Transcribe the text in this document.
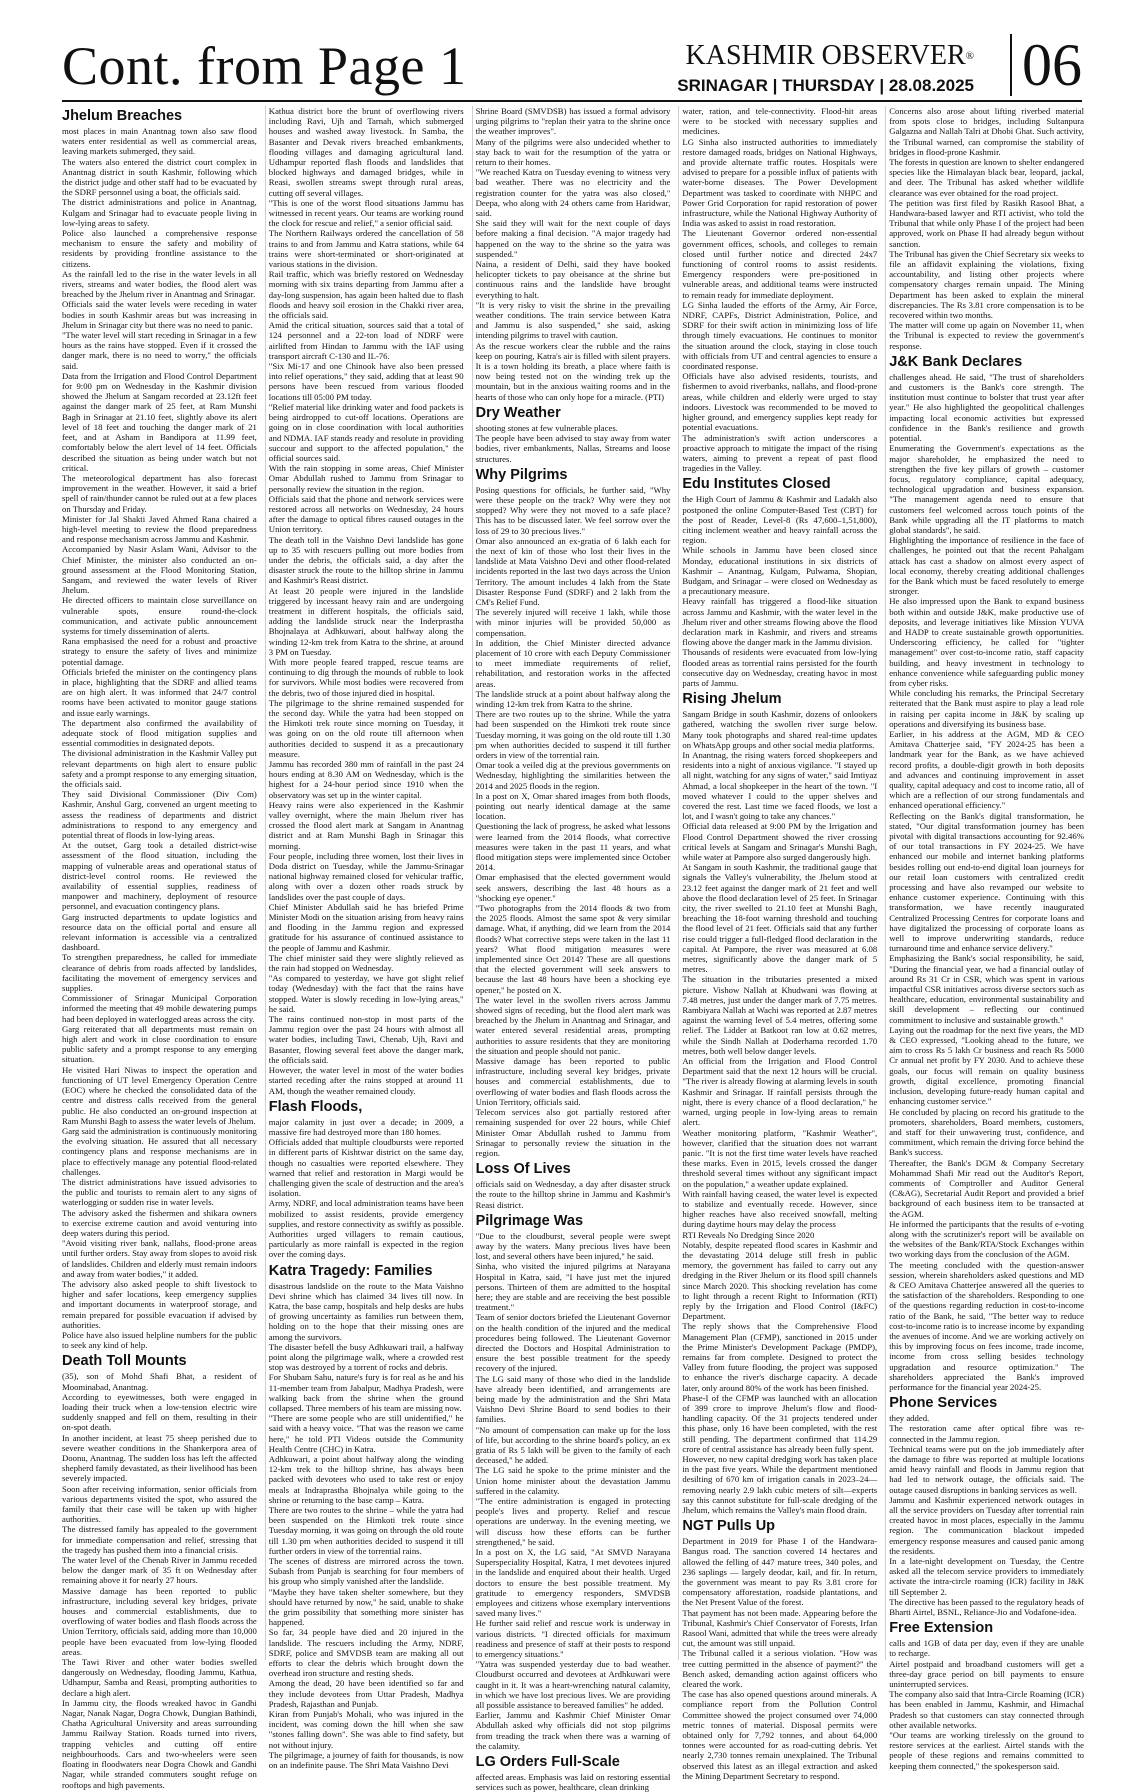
Cont. from Page 1	KASHMIR OBSERVER®
SRINAGAR | THURSDAY | 28.08.2025 06
Jhelum Breaches
most places in main Anantnag town also saw flood waters enter residential as well as commercial areas, leaving markets submerged, they said.
The waters also entered the district court complex in Anantnag district in south Kashmir, following which the district judge and other staff had to be evacuated by the SDRF personnel using a boat, the officials said.
The district administrations and police in Anantnag, Kulgam and Srinagar had to evacuate people living in low-lying areas to safety.
Police also launched a comprehensive response mechanism to ensure the safety and mobility of residents by providing frontline assistance to the citizens.
As the rainfall led to the rise in the water levels in all rivers, streams and water bodies, the flood alert was breached by the Jhelum river in Anantnag and Srinagar.
Officials said the water levels were receding in water bodies in south Kashmir areas but was increasing in Jhelum in Srinagar city but there was no need to panic.
"The water level will start receding in Srinagar in a few hours as the rains have stopped. Even if it crossed the danger mark, there is no need to worry," the officials said.
Data from the Irrigation and Flood Control Department for 9:00 pm on Wednesday in the Kashmir division showed the Jhelum at Sangam recorded at 23.12ft feet against the danger mark of 25 feet, at Ram Munshi Bagh in Srinagar at 21.10 feet, slightly above its alert level of 18 feet and touching the danger mark of 21 feet, and at Asham in Bandipora at 11.99 feet, comfortably below the alert level of 14 feet. Officials described the situation as being under watch but not critical.
The meteorological department has also forecast improvement in the weather. However, it said a brief spell of rain/thunder cannot be ruled out at a few places on Thursday and Friday.
Minister for Jal Shakti Javed Ahmed Rana chaired a high-level meeting to review the flood preparedness and response mechanism across Jammu and Kashmir.
Accompanied by Nasir Aslam Wani, Advisor to the Chief Minister, the minister also conducted an on-ground assessment at the Flood Monitoring Station, Sangam, and reviewed the water levels of River Jhelum.
He directed officers to maintain close surveillance on vulnerable spots, ensure round-the-clock communication, and activate public announcement systems for timely dissemination of alerts.
Rana emphasised the need for a robust and proactive strategy to ensure the safety of lives and minimize potential damage.
Officials briefed the minister on the contingency plans in place, highlighting that the SDRF and allied teams are on high alert. It was informed that 24/7 control rooms have been activated to monitor gauge stations and issue early warnings.
The department also confirmed the availability of adequate stock of flood mitigation supplies and essential commodities in designated depots.
The divisional administration in the Kashmir Valley put relevant departments on high alert to ensure public safety and a prompt response to any emerging situation, the officials said.
They said Divisional Commissioner (Div Com) Kashmir, Anshul Garg, convened an urgent meeting to assess the readiness of departments and district administrations to respond to any emergency and potential threat of floods in low-lying areas.
At the outset, Garg took a detailed district-wise assessment of the flood situation, including the mapping of vulnerable areas and operational status of district-level control rooms. He reviewed the availability of essential supplies, readiness of manpower and machinery, deployment of resource personnel, and evacuation contingency plans.
Garg instructed departments to update logistics and resource data on the official portal and ensure all relevant information is accessible via a centralized dashboard.
To strengthen preparedness, he called for immediate clearance of debris from roads affected by landslides, facilitating the movement of emergency services and supplies.
Commissioner of Srinagar Municipal Corporation informed the meeting that 49 mobile dewatering pumps had been deployed in waterlogged areas across the city.
Garg reiterated that all departments must remain on high alert and work in close coordination to ensure public safety and a prompt response to any emerging situation.
He visited Hari Niwas to inspect the operation and functioning of UT level Emergency Operation Centre (EOC) where he checked the consolidated data of the centre and distress calls received from the general public. He also conducted an on-ground inspection at Ram Munshi Bagh to assess the water levels of Jhelum.
Garg said the administration is continuously monitoring the evolving situation. He assured that all necessary contingency plans and response mechanisms are in place to effectively manage any potential flood-related challenges.
The district administrations have issued advisories to the public and tourists to remain alert to any signs of waterlogging or sudden rise in water levels.
The advisory asked the fishermen and shikara owners to exercise extreme caution and avoid venturing into deep waters during this period.
"Avoid visiting river bank, nallahs, flood-prone areas until further orders. Stay away from slopes to avoid risk of landslides. Children and elderly must remain indoors and away from water bodies," it added.
The advisory also asked people to shift livestock to higher and safer locations, keep emergency supplies and important documents in waterproof storage, and remain prepared for possible evacuation if advised by authorities.
Police have also issued helpline numbers for the public to seek any kind of help.
Death Toll Mounts
(35), son of Mohd Shafi Bhat, a resident of Moominabad, Anantnag.
According to eyewitnesses, both were engaged in loading their truck when a low-tension electric wire suddenly snapped and fell on them, resulting in their on-spot death.
In another incident, at least 75 sheep perished due to severe weather conditions in the Shankerpora area of Doonu, Anantnag. The sudden loss has left the affected shepherd family devastated, as their livelihood has been severely impacted.
Soon after receiving information, senior officials from various departments visited the spot, who assured the family that their case will be taken up with higher authorities.
The distressed family has appealed to the government for immediate compensation and relief, stressing that the tragedy has pushed them into a financial crisis.
The water level of the Chenab River in Jammu receded below the danger mark of 35 ft on Wednesday after remaining above it for nearly 27 hours.
Massive damage has been reported to public infrastructure, including several key bridges, private houses and commercial establishments, due to overflowing of water bodies and flash floods across the Union Territory, officials said, adding more than 10,000 people have been evacuated from low-lying flooded areas.
The Tawi River and other water bodies swelled dangerously on Wednesday, flooding Jammu, Kathua, Udhampur, Samba and Reasi, prompting authorities to declare a high alert.
In Jammu city, the floods wreaked havoc in Gandhi Nagar, Nanak Nagar, Dogra Chowk, Dungian Bathindi, Chatha Agricultural University and areas surrounding Jammu Railway Station. Roads turned into rivers, trapping vehicles and cutting off entire neighbourhoods. Cars and two-wheelers were seen floating in floodwaters near Dogra Chowk and Gandhi Nagar, while stranded commuters sought refuge on rooftops and high pavements.
Kathua district bore the brunt of overflowing rivers including Ravi, Ujh and Tarnah, which submerged houses and washed away livestock. In Samba, the Basanter and Devak rivers breached embankments, flooding villages and damaging agricultural land. Udhampur reported flash floods and landslides that blocked highways and damaged bridges, while in Reasi, swollen streams swept through rural areas, cutting off several villages.
"This is one of the worst flood situations Jammu has witnessed in recent years. Our teams are working round the clock for rescue and relief," a senior official said.
The Northern Railways ordered the cancellation of 58 trains to and from Jammu and Katra stations, while 64 trains were short-terminated or short-originated at various stations in the division.
Rail traffic, which was briefly restored on Wednesday morning with six trains departing from Jammu after a day-long suspension, has again been halted due to flash floods and heavy soil erosion in the Chakki river area, the officials said.
Amid the critical situation, sources said that a total of 124 personnel and a 22-ton load of NDRF were airlifted from Hindan to Jammu with the IAF using transport aircraft C-130 and IL-76.
"Six Mi-17 and one Chinook have also been pressed into relief operations," they said, adding that at least 90 persons have been rescued from various flooded locations till 05:00 PM today.
"Relief material like drinking water and food packets is being airdropped to cut-off locations. Operations are going on in close coordination with local authorities and NDMA. IAF stands ready and resolute in providing succour and support to the affected population," the official sources said.
With the rain stopping in some areas, Chief Minister Omar Abdullah rushed to Jammu from Srinagar to personally review the situation in the region.
Officials said that the phone and network services were restored across all networks on Wednesday, 24 hours after the damage to optical fibres caused outages in the Union territory.
The death toll in the Vaishno Devi landslide has gone up to 35 with rescuers pulling out more bodies from under the debris, the officials said, a day after the disaster struck the route to the hilltop shrine in Jammu and Kashmir's Reasi district.
At least 20 people were injured in the landslide triggered by incessant heavy rain and are undergoing treatment in different hospitals, the officials said, adding the landslide struck near the Inderprastha Bhojnalaya at Adhkuwari, about halfway along the winding 12-km trek from Katra to the shrine, at around 3 PM on Tuesday.
With more people feared trapped, rescue teams are continuing to dig through the mounds of rubble to look for survivors. While most bodies were recovered from the debris, two of those injured died in hospital.
The pilgrimage to the shrine remained suspended for the second day. While the yatra had been stopped on the Himkoti trek route since morning on Tuesday, it was going on on the old route till afternoon when authorities decided to suspend it as a precautionary measure.
Jammu has recorded 380 mm of rainfall in the past 24 hours ending at 8.30 AM on Wednesday, which is the highest for a 24-hour period since 1910 when the observatory was set up in the winter capital.
Heavy rains were also experienced in the Kashmir valley overnight, where the main Jhelum river has crossed the flood alert mark at Sangam in Anantnag district and at Ram Munshi Bagh in Srinagar this morning.
Four people, including three women, lost their lives in Doda district on Tuesday, while the Jammu-Srinagar national highway remained closed for vehicular traffic, along with over a dozen other roads struck by landslides over the past couple of days.
Chief Minister Abdullah said he has briefed Prime Minister Modi on the situation arising from heavy rains and flooding in the Jammu region and expressed gratitude for his assurance of continued assistance to the people of Jammu and Kashmir.
The chief minister said they were slightly relieved as the rain had stopped on Wednesday.
"As compared to yesterday, we have got slight relief today (Wednesday) with the fact that the rains have stopped. Water is slowly receding in low-lying areas," he said.
The rains continued non-stop in most parts of the Jammu region over the past 24 hours with almost all water bodies, including Tawi, Chenab, Ujh, Ravi and Basanter, flowing several feet above the danger mark, the officials said.
However, the water level in most of the water bodies started receding after the rains stopped at around 11 AM, though the weather remained cloudy.
Flash Floods,
major calamity in just over a decade; in 2009, a massive fire had destroyed more than 180 homes.
Officials added that multiple cloudbursts were reported in different parts of Kishtwar district on the same day, though no casualties were reported elsewhere. They warned that relief and restoration in Margi would be challenging given the scale of destruction and the area's isolation.
Army, NDRF, and local administration teams have been mobilized to assist residents, provide emergency supplies, and restore connectivity as swiftly as possible. Authorities urged villagers to remain cautious, particularly as more rainfall is expected in the region over the coming days.
Katra Tragedy: Families
disastrous landslide on the route to the Mata Vaishno Devi shrine which has claimed 34 lives till now. In Katra, the base camp, hospitals and help desks are hubs of growing uncertainty as families run between them, holding on to the hope that their missing ones are among the survivors.
The disaster befell the busy Adhkuwari trail, a halfway point along the pilgrimage walk, where a crowded rest stop was destroyed by a torrent of rocks and debris.
For Shubam Sahu, nature's fury is for real as he and his 11-member team from Jabalpur, Madhya Pradesh, were walking back from the shrine when the ground collapsed. Three members of his team are missing now.
"There are some people who are still unidentified," he said with a heavy voice. "That was the reason we came here," he told PTI Videos outside the Community Health Centre (CHC) in Katra.
Adhkuwari, a point about halfway along the winding 12-km trek to the hilltop shrine, has always been packed with devotees who used to take rest or enjoy meals at Indraprastha Bhojnalya while going to the shrine or returning to the base camp – Katra.
There are two routes to the shrine – while the yatra had been suspended on the Himkoti trek route since Tuesday morning, it was going on through the old route till 1.30 pm when authorities decided to suspend it till further orders in view of the torrential rains.
The scenes of distress are mirrored across the town. Subash from Punjab is searching for four members of his group who simply vanished after the landslide.
"Maybe they have taken shelter somewhere, but they should have returned by now," he said, unable to shake the grim possibility that something more sinister has happened.
So far, 34 people have died and 20 injured in the landslide. The rescuers including the Army, NDRF, SDRF, police and SMVDSB team are making all out efforts to clear the debris which brought down the overhead iron structure and resting sheds.
Among the dead, 20 have been identified so far and they include devotees from Uttar Pradesh, Madhya Pradesh, Rajasthan and Punjab.
Kiran from Punjab's Mohali, who was injured in the incident, was coming down the hill when she saw "stones falling down". She was able to find safety, but not without injury.
The pilgrimage, a journey of faith for thousands, is now on an indefinite pause. The Shri Mata Vaishno Devi
Shrine Board (SMVDSB) has issued a formal advisory urging pilgrims to "replan their yatra to the shrine once the weather improves".
Many of the pilgrims were also undecided whether to stay back to wait for the resumption of the yatra or return to their homes.
"We reached Katra on Tuesday evening to witness very bad weather. There was no electricity and the registration counter for the yatra was also closed," Deepa, who along with 24 others came from Haridwar, said.
She said they will wait for the next couple of days before making a final decision. "A major tragedy had happened on the way to the shrine so the yatra was suspended."
Naina, a resident of Delhi, said they have booked helicopter tickets to pay obeisance at the shrine but continuous rains and the landslide have brought everything to halt.
"It is very risky to visit the shrine in the prevailing weather conditions. The train service between Katra and Jammu is also suspended," she said, asking intending pilgrims to travel with caution.
As the rescue workers clear the rubble and the rains keep on pouring, Katra's air is filled with silent prayers. It is a town holding its breath, a place where faith is now being tested not on the winding trek up the mountain, but in the anxious waiting rooms and in the hearts of those who can only hope for a miracle. (PTI)
Dry Weather
shooting stones at few vulnerable places.
The people have been advised to stay away from water bodies, river embankments, Nallas, Streams and loose structures.
Why Pilgrims
Posing questions for officials, he further said, "Why were these people on the track? Why were they not stopped? Why were they not moved to a safe place? This has to be discussed later. We feel sorrow over the loss of 29 to 30 precious lives."
Omar also announced an ex-gratia of 6 lakh each for the next of kin of those who lost their lives in the landslide at Mata Vaishno Devi and other flood-related incidents reported in the last two days across the Union Territory. The amount includes 4 lakh from the State Disaster Response Fund (SDRF) and 2 lakh from the CM's Relief Fund.
The severely injured will receive 1 lakh, while those with minor injuries will be provided 50,000 as compensation.
In addition, the Chief Minister directed advance placement of 10 crore with each Deputy Commissioner to meet immediate requirements of relief, rehabilitation, and restoration works in the affected areas.
The landslide struck at a point about halfway along the winding 12-km trek from Katra to the shrine.
There are two routes up to the shrine. While the yatra had been suspended on the Himkoti trek route since Tuesday morning, it was going on the old route till 1.30 pm when authorities decided to suspend it till further orders in view of the torrential rain.
Omar took a veiled dig at the previous governments on Wednesday, highlighting the similarities between the 2014 and 2025 floods in the region.
In a post on X, Omar shared images from both floods, pointing out nearly identical damage at the same location.
Questioning the lack of progress, he asked what lessons were learned from the 2014 floods, what corrective measures were taken in the past 11 years, and what flood mitigation steps were implemented since October 2014.
Omar emphasised that the elected government would seek answers, describing the last 48 hours as a "shocking eye opener."
"Two photographs from the 2014 floods & two from the 2025 floods. Almost the same spot & very similar damage. What, if anything, did we learn from the 2014 floods? What corrective steps were taken in the last 11 years? What flood mitigation measures were implemented since Oct 2014? These are all questions that the elected government will seek answers to because the last 48 hours have been a shocking eye opener," he posted on X.
The water level in the swollen rivers across Jammu showed signs of receding, but the flood alert mark was breached by the Jhelum in Anantnag and Srinagar, and water entered several residential areas, prompting authorities to assure residents that they are monitoring the situation and people should not panic.
Massive damage has been reported to public infrastructure, including several key bridges, private houses and commercial establishments, due to overflowing of water bodies and flash floods across the Union Territory, officials said.
Telecom services also got partially restored after remaining suspended for over 22 hours, while Chief Minister Omar Abdullah rushed to Jammu from Srinagar to personally review the situation in the region.
Loss Of Lives
officials said on Wednesday, a day after disaster struck the route to the hilltop shrine in Jammu and Kashmir's Reasi district.
Pilgrimage Was
"Due to the cloudburst, several people were swept away by the waters. Many precious lives have been lost, and several others have been injured," he said.
Sinha, who visited the injured pilgrims at Narayana Hospital in Katra, said, "I have just met the injured persons. Thirteen of them are admitted to the hospital here; they are stable and are receiving the best possible treatment."
Team of senior doctors briefed the Lieutenant Governor on the health condition of the injured and the medical procedures being followed. The Lieutenant Governor directed the Doctors and Hospital Administration to ensure the best possible treatment for the speedy recovery of the injured.
The LG said many of those who died in the landslide have already been identified, and arrangements are being made by the administration and the Shri Mata Vaishno Devi Shrine Board to send bodies to their families.
"No amount of compensation can make up for the loss of life, but according to the shrine board's policy, an ex gratia of Rs 5 lakh will be given to the family of each deceased," he added.
The LG said he spoke to the prime minister and the Union home minister about the devastation Jammu suffered in the calamity.
"The entire administration is engaged in protecting people's lives and property. Relief and rescue operations are underway. In the evening meeting, we will discuss how these efforts can be further strengthened," he said.
In a post on X, the LG said, "At SMVD Narayana Superspeciality Hospital, Katra, I met devotees injured in the landslide and enquired about their health. Urged doctors to ensure the best possible treatment. My gratitude to emergency responders, SMVDSB employees and citizens whose exemplary interventions saved many lives."
He further said relief and rescue work is underway in various districts. "I directed officials for maximum readiness and presence of staff at their posts to respond to emergency situations."
"Yatra was suspended yesterday due to bad weather. Cloudburst occurred and devotees at Ardhkuwari were caught in it. It was a heart-wrenching natural calamity, in which we have lost precious lives. We are providing all possible assistance to bereaved families" he added.
Earlier, Jammu and Kashmir Chief Minister Omar Abdullah asked why officials did not stop pilgrims from treading the track when there was a warning of the calamity.
LG Orders Full-Scale
affected areas. Emphasis was laid on restoring essential services such as power, healthcare, clean drinking
water, ration, and tele-connectivity. Flood-hit areas were to be stocked with necessary supplies and medicines.
LG Sinha also instructed authorities to immediately restore damaged roads, bridges on National Highways, and provide alternate traffic routes. Hospitals were advised to prepare for a possible influx of patients with water-borne diseases. The Power Development Department was tasked to coordinate with NHPC and Power Grid Corporation for rapid restoration of power infrastructure, while the National Highway Authority of India was asked to assist in road restoration.
The Lieutenant Governor ordered non-essential government offices, schools, and colleges to remain closed until further notice and directed 24x7 functioning of control rooms to assist residents. Emergency responders were pre-positioned in vulnerable areas, and additional teams were instructed to remain ready for immediate deployment.
LG Sinha lauded the efforts of the Army, Air Force, NDRF, CAPFs, District Administration, Police, and SDRF for their swift action in minimizing loss of life through timely evacuations. He continues to monitor the situation around the clock, staying in close touch with officials from UT and central agencies to ensure a coordinated response.
Officials have also advised residents, tourists, and fishermen to avoid riverbanks, nallahs, and flood-prone areas, while children and elderly were urged to stay indoors. Livestock was recommended to be moved to higher ground, and emergency supplies kept ready for potential evacuations.
The administration's swift action underscores a proactive approach to mitigate the impact of the rising waters, aiming to prevent a repeat of past flood tragedies in the Valley.
Edu Institutes Closed
the High Court of Jammu & Kashmir and Ladakh also postponed the online Computer-Based Test (CBT) for the post of Reader, Level-8 (Rs 47,600–1,51,800), citing inclement weather and heavy rainfall across the region.
While schools in Jammu have been closed since Monday, educational institutions in six districts of Kashmir – Anantnag, Kulgam, Pulwama, Shopian, Budgam, and Srinagar – were closed on Wednesday as a precautionary measure.
Heavy rainfall has triggered a flood-like situation across Jammu and Kashmir, with the water level in the Jhelum river and other streams flowing above the flood declaration mark in Kashmir, and rivers and streams flowing above the danger mark in the Jammu division.
Thousands of residents were evacuated from low-lying flooded areas as torrential rains persisted for the fourth consecutive day on Wednesday, creating havoc in most parts of Jammu.
Rising Jhelum
Sangam Bridge in south Kashmir, dozens of onlookers gathered, watching the swollen river surge below. Many took photographs and shared real-time updates on WhatsApp groups and other social media platforms.
In Anantnag, the rising waters forced shopkeepers and residents into a night of anxious vigilance. "I stayed up all night, watching for any signs of water," said Imtiyaz Ahmad, a local shopkeeper in the heart of the town. "I moved whatever I could to the upper shelves and covered the rest. Last time we faced floods, we lost a lot, and I wasn't going to take any chances."
Official data released at 9:00 PM by the Irrigation and Flood Control Department showed the river crossing critical levels at Sangam and Srinagar's Munshi Bagh, while water at Pampore also surged dangerously high.
At Sangam in south Kashmir, the traditional gauge that signals the Valley's vulnerability, the Jhelum stood at 23.12 feet against the danger mark of 21 feet and well above the flood declaration level of 25 feet. In Srinagar city, the river swelled to 21.10 feet at Munshi Bagh, breaching the 18-foot warning threshold and touching the flood level of 21 feet. Officials said that any further rise could trigger a full-fledged flood declaration in the capital. At Pampore, the river was measured at 6.08 metres, significantly above the danger mark of 5 metres.
The situation in the tributaries presented a mixed picture. Vishow Nallah at Khudwani was flowing at 7.48 metres, just under the danger mark of 7.75 metres. Rambiyara Nallah at Wachi was reported at 2.87 metres against the warning level of 5.4 metres, offering some relief. The Lidder at Batkoot ran low at 0.62 metres, while the Sindh Nallah at Doderhama recorded 1.70 metres, both well below danger levels.
An official from the Irrigation and Flood Control Department said that the next 12 hours will be crucial. "The river is already flowing at alarming levels in south Kashmir and Srinagar. If rainfall persists through the night, there is every chance of a flood declaration," he warned, urging people in low-lying areas to remain alert.
Weather monitoring platform, "Kashmir Weather", however, clarified that the situation does not warrant panic. "It is not the first time water levels have reached these marks. Even in 2015, levels crossed the danger threshold several times without any significant impact on the population," a weather update explained.
With rainfall having ceased, the water level is expected to stabilize and eventually recede. However, since higher reaches have also received snowfall, melting during daytime hours may delay the process
RTI Reveals No Dredging Since 2020
Notably, despite repeated flood scares in Kashmir and the devastating 2014 deluge still fresh in public memory, the government has failed to carry out any dredging in the River Jhelum or its flood spill channels since March 2020. This shocking revelation has come to light through a recent Right to Information (RTI) reply by the Irrigation and Flood Control (I&FC) Department.
The reply shows that the Comprehensive Flood Management Plan (CFMP), sanctioned in 2015 under the Prime Minister's Development Package (PMDP), remains far from complete. Designed to protect the Valley from future flooding, the project was supposed to enhance the river's discharge capacity. A decade later, only around 80% of the work has been finished.
Phase-I of the CFMP was launched with an allocation of 399 crore to improve Jhelum's flow and flood-handling capacity. Of the 31 projects tendered under this phase, only 16 have been completed, with the rest still pending. The department confirmed that 114.29 crore of central assistance has already been fully spent.
However, no new capital dredging work has taken place in the past five years. While the department mentioned desilting of 670 km of irrigation canals in 2023–24—removing nearly 2.9 lakh cubic meters of silt—experts say this cannot substitute for full-scale dredging of the Jhelum, which remains the Valley's main flood drain.
NGT Pulls Up
Department in 2019 for Phase I of the Handwara-Bangus road. The sanction covered 14 hectares and allowed the felling of 447 mature trees, 340 poles, and 236 saplings — largely deodar, kail, and fir. In return, the government was meant to pay Rs 3.81 crore for compensatory afforestation, roadside plantations, and the Net Present Value of the forest.
That payment has not been made. Appearing before the Tribunal, Kashmir's Chief Conservator of Forests, Irfan Rasool Wani, admitted that while the trees were already cut, the amount was still unpaid.
The Tribunal called it a serious violation. "How was tree cutting permitted in the absence of payment?" the Bench asked, demanding action against officers who cleared the work.
The case has also opened questions around minerals. A compliance report from the Pollution Control Committee showed the project consumed over 74,000 metric tonnes of material. Disposal permits were obtained only for 7,792 tonnes, and about 64,000 tonnes were accounted for as road-cutting debris. Yet nearly 2,730 tonnes remain unexplained. The Tribunal observed this latest as an illegal extraction and asked the Mining Department Secretary to respond.
Concerns also arose about lifting riverbed material from spots close to bridges, including Sultanpura Galgazna and Nallah Talri at Dhobi Ghat. Such activity, the Tribunal warned, can compromise the stability of bridges in flood-prone Kashmir.
The forests in question are known to shelter endangered species like the Himalayan black bear, leopard, jackal, and deer. The Tribunal has asked whether wildlife clearance was ever obtained for the road project.
The petition was first filed by Rasikh Rasool Bhat, a Handwara-based lawyer and RTI activist, who told the Tribunal that while only Phase I of the project had been approved, work on Phase II had already begun without sanction.
The Tribunal has given the Chief Secretary six weeks to file an affidavit explaining the violations, fixing accountability, and listing other projects where compensatory charges remain unpaid. The Mining Department has been asked to explain the mineral discrepancies. The Rs 3.81 crore compensation is to be recovered within two months.
The matter will come up again on November 11, when the Tribunal is expected to review the government's response.
J&K Bank Declares
challenges ahead. He said, "The trust of shareholders and customers is the Bank's core strength. The institution must continue to bolster that trust year after year." He also highlighted the geopolitical challenges impacting local economic activities but expressed confidence in the Bank's resilience and growth potential.
Enumerating the Government's expectations as the major shareholder, he emphasized the need to strengthen the five key pillars of growth – customer focus, regulatory compliance, capital adequacy, technological upgradation and business expansion. "The management agenda need to ensure that customers feel welcomed across touch points of the Bank while upgrading all the IT platforms to match global standards", he said.
Highlighting the importance of resilience in the face of challenges, he pointed out that the recent Pahalgam attack has cast a shadow on almost every aspect of local economy, thereby creating additional challenges for the Bank which must be faced resolutely to emerge stronger.
He also impressed upon the Bank to expand business both within and outside J&K, make productive use of deposits, and leverage initiatives like Mission YUVA and HADP to create sustainable growth opportunities. Underscoring efficiency, he called for "tighter management" over cost-to-income ratio, staff capacity building, and heavy investment in technology to enhance convenience while safeguarding public money from cyber risks.
While concluding his remarks, the Principal Secretary reiterated that the Bank must aspire to play a lead role in raising per capita income in J&K by scaling up operations and diversifying its business base.
Earlier, in his address at the AGM, MD & CEO Amitava Chatterjee said, "FY 2024-25 has been a landmark year for the Bank, as we have achieved record profits, a double-digit growth in both deposits and advances and continuing improvement in asset quality, capital adequacy and cost to income ratio, all of which are a reflection of our strong fundamentals and enhanced operational efficiency."
Reflecting on the Bank's digital transformation, he stated, "Our digital transformation journey has been pivotal with digital transactions accounting for 92.46% of our total transactions in FY 2024-25. We have enhanced our mobile and internet banking platforms besides rolling out end-to-end digital loan journeys for our retail loan customers with centralized credit processing and have also revamped our website to enhance customer experience. Continuing with this transformation, we have recently inaugurated Centralized Processing Centres for corporate loans and have digitalized the processing of corporate loans as well to improve underwriting standards, reduce turnaround time and enhance service delivery."
Emphasizing the Bank's social responsibility, he said, "During the financial year, we had a financial outlay of around Rs 31 Cr in CSR, which was spent in various impactful CSR initiatives across diverse sectors such as healthcare, education, environmental sustainability and skill development – reflecting our continued commitment to inclusive and sustainable growth."
Laying out the roadmap for the next five years, the MD & CEO expressed, "Looking ahead to the future, we aim to cross Rs 5 lakh Cr business and reach Rs 5000 Cr annual net profit by FY 2030. And to achieve these goals, our focus will remain on quality business growth, digital excellence, promoting financial inclusion, developing future-ready human capital and enhancing customer service."
He concluded by placing on record his gratitude to the promoters, shareholders, Board members, customers, and staff for their unwavering trust, confidence, and commitment, which remain the driving force behind the Bank's success.
Thereafter, the Bank's DGM & Company Secretary Mohammad Shafi Mir read out the Auditor's Report, comments of Comptroller and Auditor General (C&AG), Secretarial Audit Report and provided a brief background of each business item to be transacted at the AGM.
He informed the participants that the results of e-voting along with the scrutinizer's report will be available on the websites of the Bank/RTA/Stock Exchanges within two working days from the conclusion of the AGM.
The meeting concluded with the question-answer session, wherein shareholders asked questions and MD & CEO Amitava Chatterjee answered all the queries to the satisfaction of the shareholders. Responding to one of the questions regarding reduction in cost-to-income ratio of the Bank, he said, "The better way to reduce cost-to-income ratio is to increase income by expanding the avenues of income. And we are working actively on this by improving focus on fees income, trade income, income from cross selling besides technology upgradation and resource optimization." The shareholders appreciated the Bank's improved performance for the financial year 2024-25.
Phone Services
they added.
The restoration came after optical fibre was re-connected in the Jammu region.
Technical teams were put on the job immediately after the damage to fibre was reported at multiple locations amid heavy rainfall and floods in Jammu region that had led to network outage, the officials said. The outage caused disruptions in banking services as well.
Jammu and Kashmir experienced network outages in all the service providers on Tuesday after torrential rain created havoc in most places, especially in the Jammu region. The communication blackout impeded emergency response measures and caused panic among the residents.
In a late-night development on Tuesday, the Centre asked all the telecom service providers to immediately activate the intra-circle roaming (ICR) facility in J&K till September 2.
The directive has been passed to the regulatory heads of Bharti Airtel, BSNL, Reliance-Jio and Vodafone-idea.
Free Extension
calls and 1GB of data per day, even if they are unable to recharge.
Airtel postpaid and broadband customers will get a three-day grace period on bill payments to ensure uninterrupted services.
The company also said that Intra-Circle Roaming (ICR) has been enabled in Jammu, Kashmir, and Himachal Pradesh so that customers can stay connected through other available networks.
"Our teams are working tirelessly on the ground to restore services at the earliest. Airtel stands with the people of these regions and remains committed to keeping them connected," the spokesperson said.
